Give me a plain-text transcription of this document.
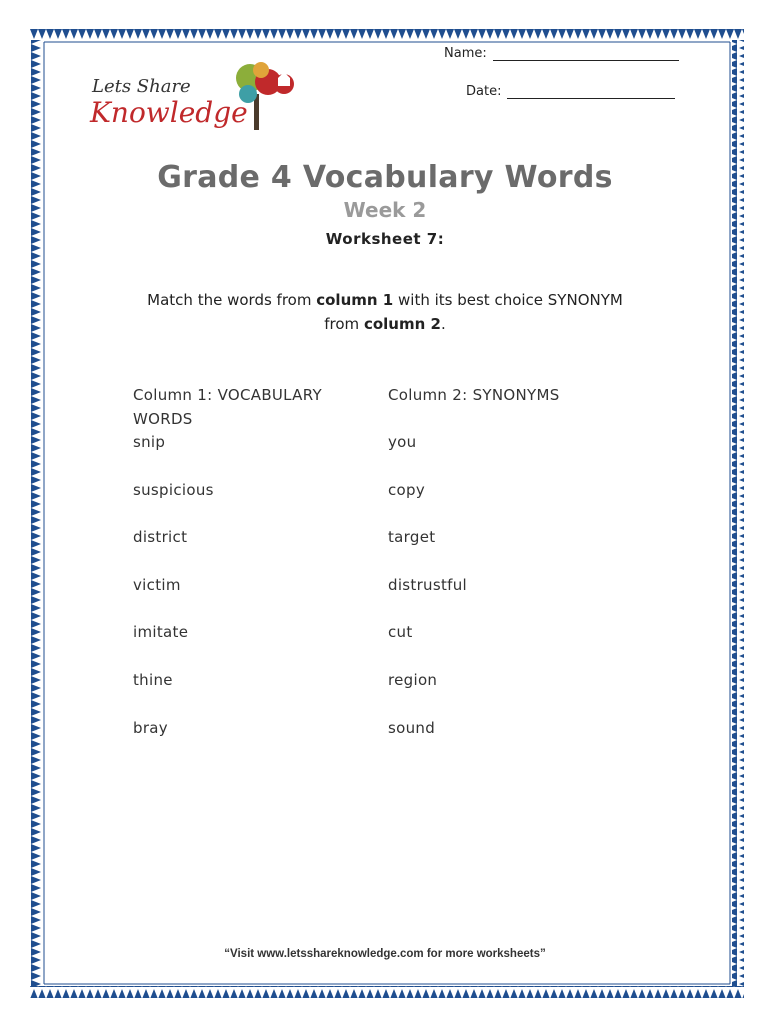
Lets Share
Knowledge
Name:
Date:
Grade 4 Vocabulary Words
Week 2
Worksheet 7:
Match the words from column 1 with its best choice SYNONYM
from column 2.
Column 1: VOCABULARY WORDS
Column 2: SYNONYMS
snip
suspicious
district
victim
imitate
thine
bray
you
copy
target
distrustful
cut
region
sound
“Visit www.letsshareknowledge.com for more worksheets”
